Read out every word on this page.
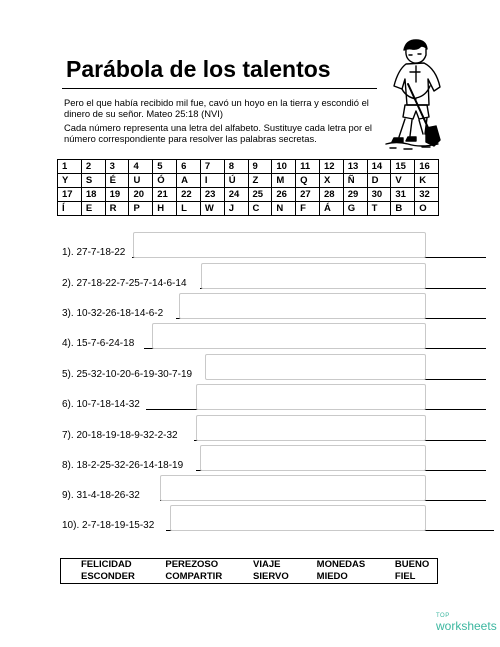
Parábola de los talentos

Pero el que había recibido mil fue, cavó un hoyo en la tierra y escondió el dinero de su señor. Mateo 25:18 (NVI)

Cada número representa una letra del alfabeto. Sustituye cada letra por el número correspondiente para resolver las palabras secretas.

1	2	3	4	5	6	7	8	9	10	11	12	13	14	15	16
Y	S	É	U	Ó	A	I	Ú	Z	M	Q	X	Ñ	D	V	K
17	18	19	20	21	22	23	24	25	26	27	28	29	30	31	32
Í	E	R	P	H	L	W	J	C	N	F	Á	G	T	B	O
1). 27-7-18-22
2). 27-18-22-7-25-7-14-6-14
3). 10-32-26-18-14-6-2
4). 15-7-6-24-18
5). 25-32-10-20-6-19-30-7-19
6). 10-7-18-14-32
7). 20-18-19-18-9-32-2-32
8). 18-2-25-32-26-14-18-19
9). 31-4-18-26-32
10). 2-7-18-19-15-32
FELICIDAD	PEREZOSO	VIAJE	MONEDAS	BUENO
ESCONDER	COMPARTIR	SIERVO	MIEDO	FIEL
TOP
worksheets
